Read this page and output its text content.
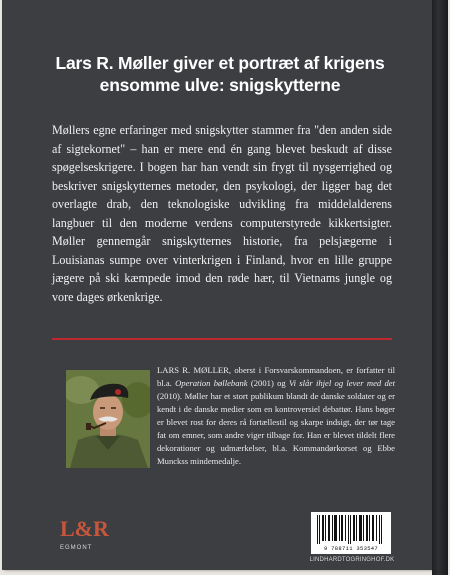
Lars R. Møller giver et portræt af krigens ensomme ulve: snigskytterne
Møllers egne erfaringer med snigskytter stammer fra "den anden side af sigtekornet" – han er mere end én gang blevet beskudt af disse spøgelseskrigere. I bogen har han vendt sin frygt til nysgerrighed og beskriver snigskytternes metoder, den psykologi, der ligger bag det overlagte drab, den teknologiske udvikling fra middelalderens langbuer til den moderne verdens computerstyrede kikkertsigter. Møller gennemgår snigskytternes historie, fra pelsjægerne i Louisianas sumpe over vinterkrigen i Finland, hvor en lille gruppe jægere på ski kæmpede imod den røde hær, til Vietnams jungle og vore dages ørkenkrige.
LARS R. MØLLER, oberst i Forsvarskommandoen, er forfatter til bl.a. Operation bøllebank (2001) og Vi slår ihjel og lever med det (2010). Møller har et stort publikum blandt de danske soldater og er kendt i de danske medier som en kontroversiel debattør. Hans bøger er blevet rost for deres rå fortællestil og skarpe indsigt, der tør tage fat om emner, som andre viger tilbage for. Han er blevet tildelt flere dekorationer og udmærkelser, bl.a. Kommandørkorset og Ebbe Munckss mindemedalje.
L&R
EGMONT	9 788711 353547
LINDHARDTOGRINGHOF.DK
